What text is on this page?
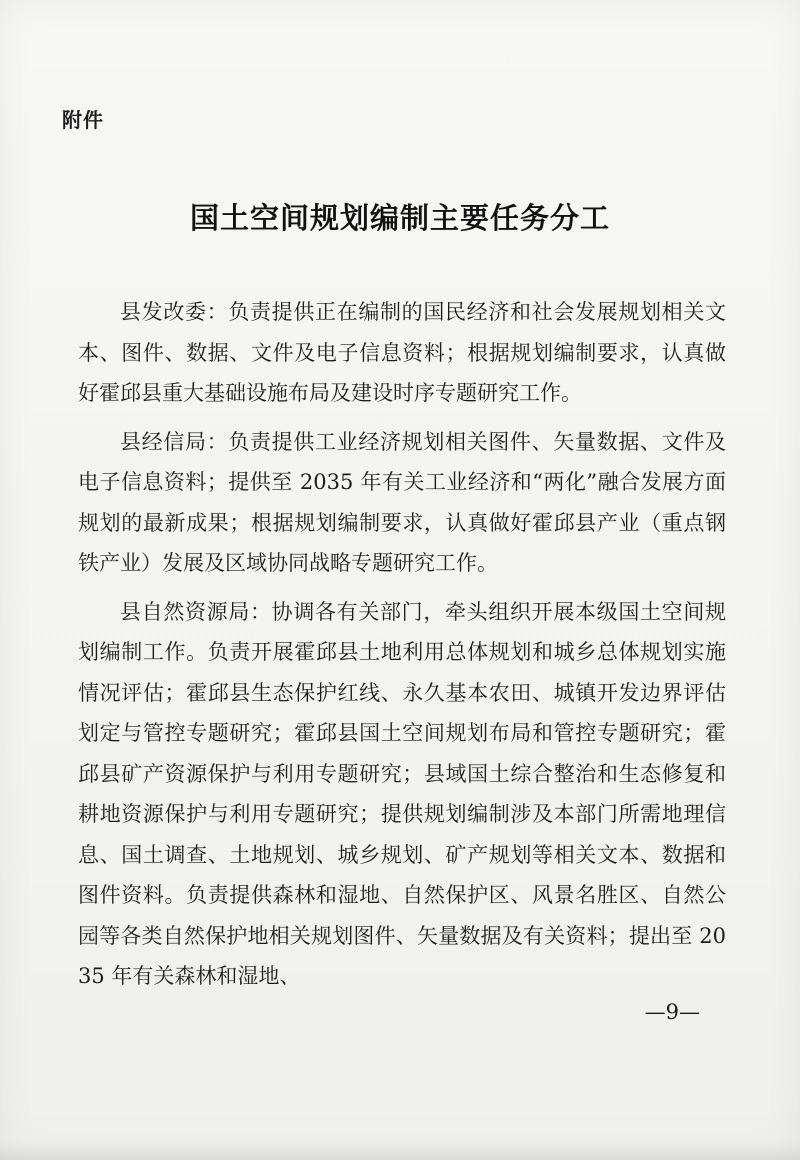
附件
国土空间规划编制主要任务分工

县发改委：负责提供正在编制的国民经济和社会发展规划相关文本、图件、数据、文件及电子信息资料；根据规划编制要求，认真做好霍邱县重大基础设施布局及建设时序专题研究工作。

县经信局：负责提供工业经济规划相关图件、矢量数据、文件及电子信息资料；提供至 2035 年有关工业经济和“两化”融合发展方面规划的最新成果；根据规划编制要求，认真做好霍邱县产业（重点钢铁产业）发展及区域协同战略专题研究工作。

县自然资源局：协调各有关部门，牵头组织开展本级国土空间规划编制工作。负责开展霍邱县土地利用总体规划和城乡总体规划实施情况评估；霍邱县生态保护红线、永久基本农田、城镇开发边界评估划定与管控专题研究；霍邱县国土空间规划布局和管控专题研究；霍邱县矿产资源保护与利用专题研究；县域国土综合整治和生态修复和耕地资源保护与利用专题研究；提供规划编制涉及本部门所需地理信息、国土调查、土地规划、城乡规划、矿产规划等相关文本、数据和图件资料。负责提供森林和湿地、自然保护区、风景名胜区、自然公园等各类自然保护地相关规划图件、矢量数据及有关资料；提出至 2035 年有关森林和湿地、

—9—
